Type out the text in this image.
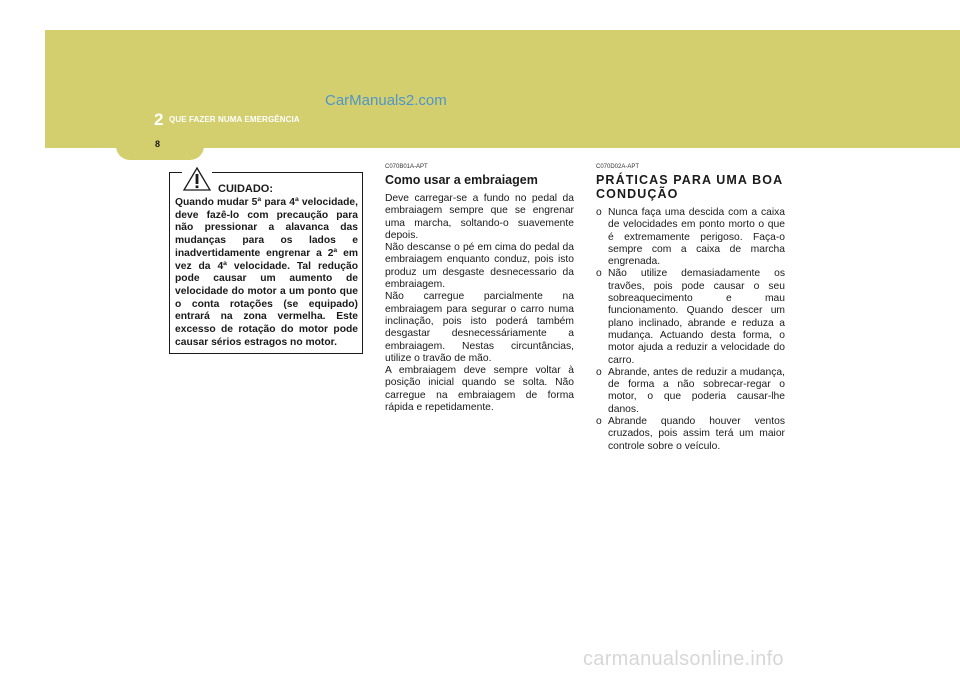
2 QUE FAZER NUMA EMERGÊNCIA
8
CarManuals2.com
CUIDADO:
Quando mudar 5ª para 4ª velocidade, deve fazê-lo com precaução para não pressionar a alavanca das mudanças para os lados e inadvertidamente engrenar a 2ª em vez da 4ª velocidade. Tal redução pode causar um aumento de velocidade do motor a um ponto que o conta rotações (se equipado) entrará na zona vermelha. Este excesso de rotação do motor pode causar sérios estragos no motor.
C070B01A-APT
Como usar a embraiagem

Deve carregar-se a fundo no pedal da embraiagem sempre que se engrenar uma marcha, soltando-o suavemente depois.

Não descanse o pé em cima do pedal da embraiagem enquanto conduz, pois isto produz um desgaste desnecessario da embraiagem.

Não carregue parcialmente na embraiagem para segurar o carro numa inclinação, pois isto poderá também desgastar desnecessáriamente a embraiagem. Nestas circuntâncias, utilize o travão de mão.

A embraiagem deve sempre voltar à posição inicial quando se solta. Não carregue na embraiagem de forma rápida e repetidamente.

C070D02A-APT
PRÁTICAS PARA UMA BOA CONDUÇÃO
o Nunca faça uma descida com a caixa de velocidades em ponto morto o que é extremamente perigoso. Faça-o sempre com a caixa de marcha engrenada.
o Não utilize demasiadamente os travões, pois pode causar o seu sobreaquecimento e mau funcionamento. Quando descer um plano inclinado, abrande e reduza a mudança. Actuando desta forma, o motor ajuda a reduzir a velocidade do carro.
o Abrande, antes de reduzir a mudança, de forma a não sobrecar-regar o motor, o que poderia causar-lhe danos.
o Abrande quando houver ventos cruzados, pois assim terá um maior controle sobre o veículo.
carmanualsonline.info
